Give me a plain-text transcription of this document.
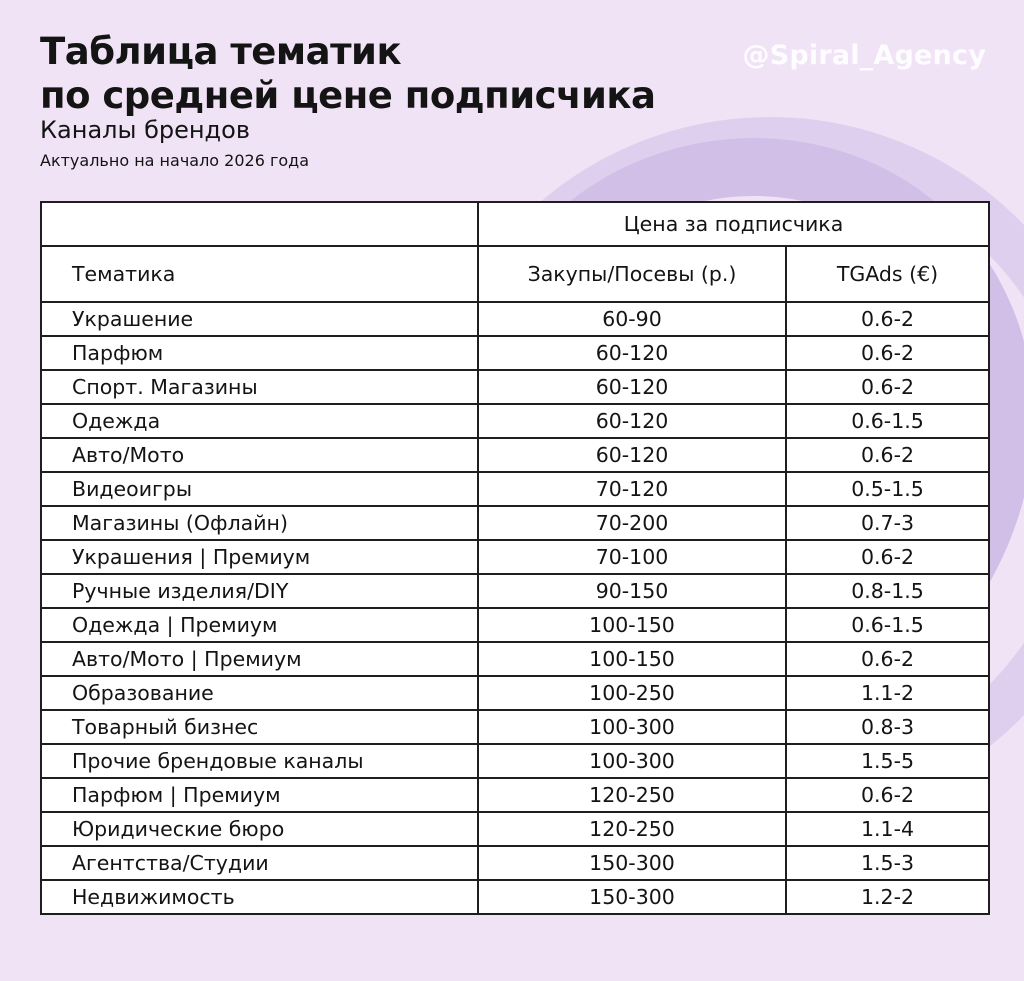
Таблица тематик
по средней цене подписчика
@Spiral_Agency
Каналы брендов
Актуально на начало 2026 года
	Цена за подписчика	
Тематика	Закупы/Посевы (р.)	TGAds (€)
Украшение	60-90	0.6-2
Парфюм	60-120	0.6-2
Спорт. Магазины	60-120	0.6-2
Одежда	60-120	0.6-1.5
Авто/Мото	60-120	0.6-2
Видеоигры	70-120	0.5-1.5
Магазины (Офлайн)	70-200	0.7-3
Украшения | Премиум	70-100	0.6-2
Ручные изделия/DIY	90-150	0.8-1.5
Одежда | Премиум	100-150	0.6-1.5
Авто/Мото | Премиум	100-150	0.6-2
Образование	100-250	1.1-2
Товарный бизнес	100-300	0.8-3
Прочие брендовые каналы	100-300	1.5-5
Парфюм | Премиум	120-250	0.6-2
Юридические бюро	120-250	1.1-4
Агентства/Студии	150-300	1.5-3
Недвижимость	150-300	1.2-2
